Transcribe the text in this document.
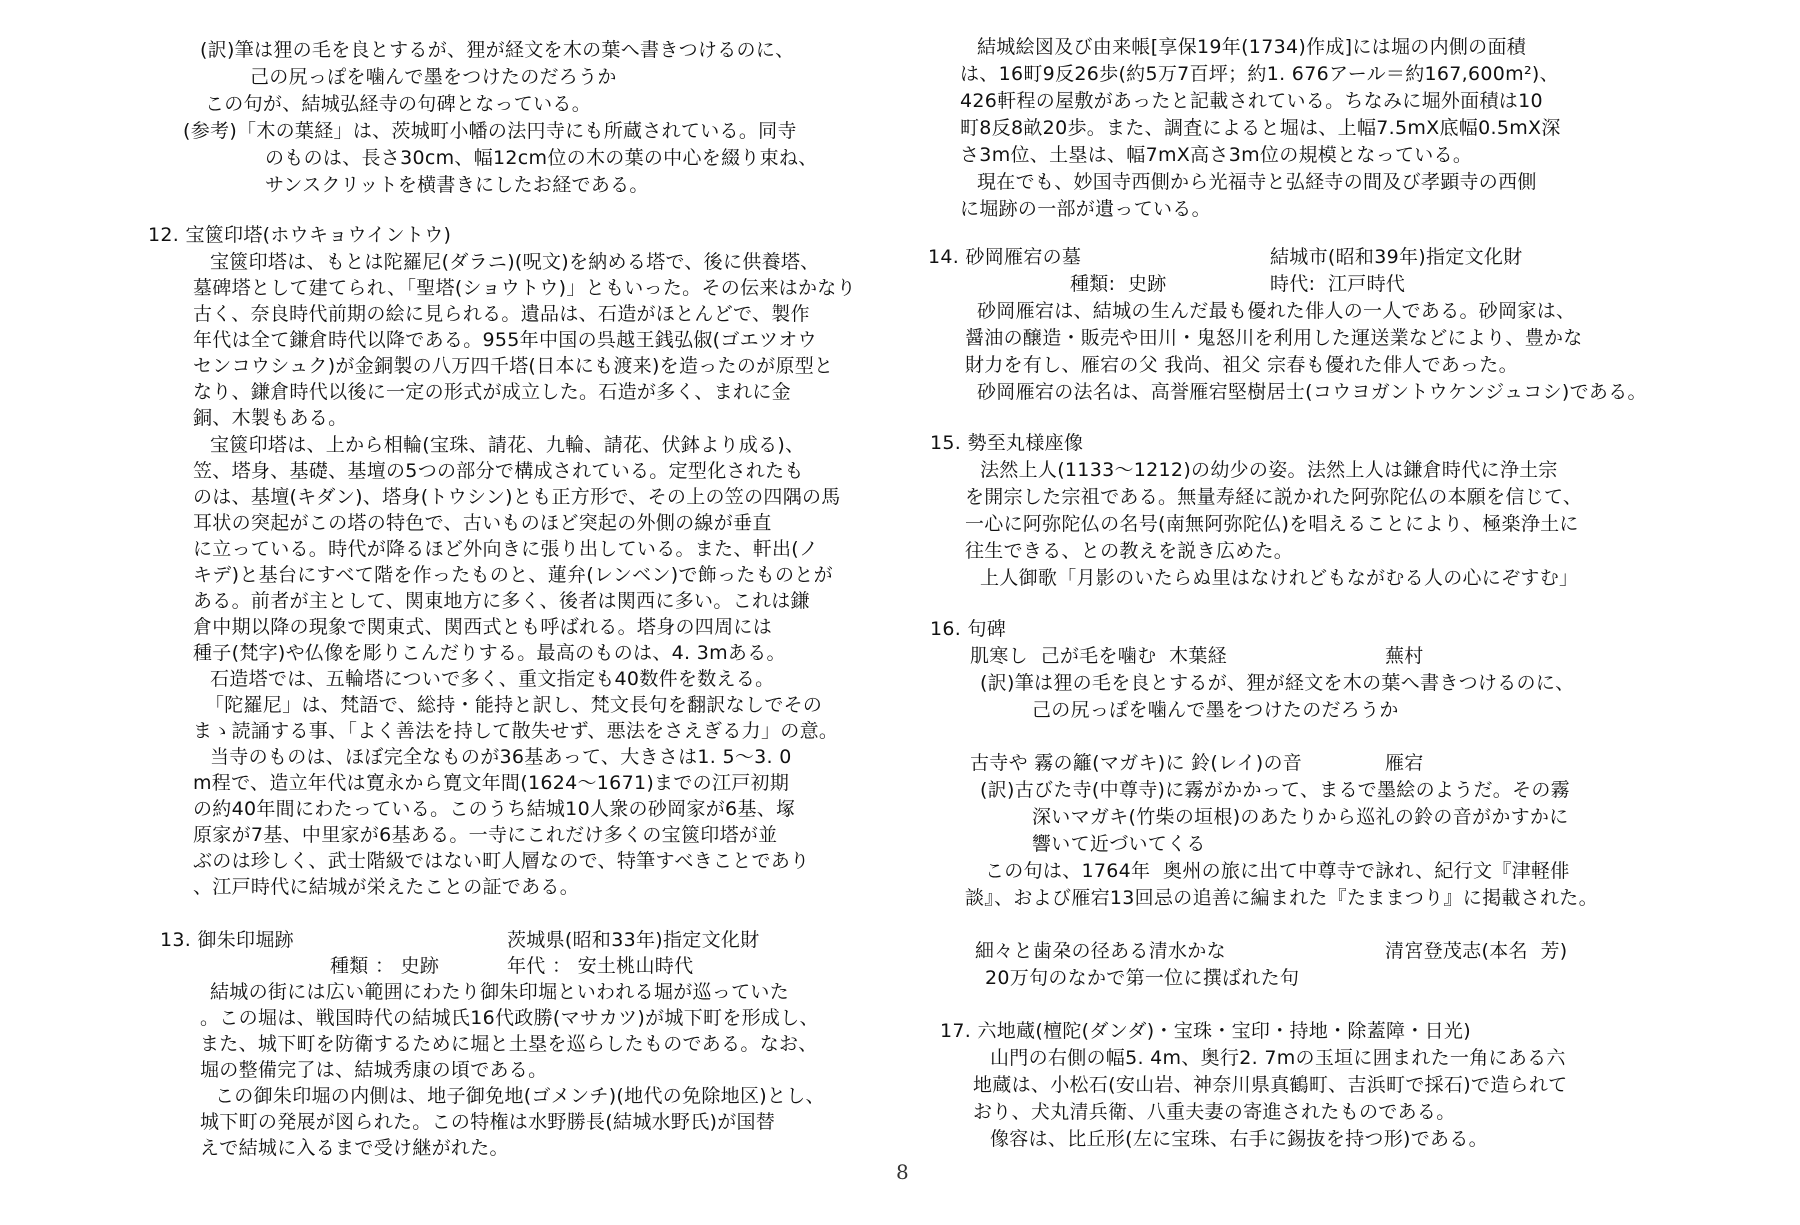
(訳)筆は狸の毛を良とするが、狸が経文を木の葉へ書きつけるのに、
己の尻っぽを噛んで墨をつけたのだろうか
この句が、結城弘経寺の句碑となっている。
(参考)「木の葉経」は、茨城町小幡の法円寺にも所蔵されている。同寺
のものは、長さ30cm、幅12cm位の木の葉の中心を綴り束ね、
サンスクリットを横書きにしたお経である。
12. 宝篋印塔(ホウキョウイントウ)
宝篋印塔は、もとは陀羅尼(ダラニ)(呪文)を納める塔で、後に供養塔、
墓碑塔として建てられ、「聖塔(ショウトウ)」ともいった。その伝来はかなり
古く、奈良時代前期の絵に見られる。遺品は、石造がほとんどで、製作
年代は全て鎌倉時代以降である。955年中国の呉越王銭弘俶(ゴエツオウ
センコウシュク)が金銅製の八万四千塔(日本にも渡来)を造ったのが原型と
なり、鎌倉時代以後に一定の形式が成立した。石造が多く、まれに金
銅、木製もある。
宝篋印塔は、上から相輪(宝珠、請花、九輪、請花、伏鉢より成る)、
笠、塔身、基礎、基壇の5つの部分で構成されている。定型化されたも
のは、基壇(キダン)、塔身(トウシン)とも正方形で、その上の笠の四隅の馬
耳状の突起がこの塔の特色で、古いものほど突起の外側の線が垂直
に立っている。時代が降るほど外向きに張り出している。また、軒出(ノ
キデ)と基台にすべて階を作ったものと、蓮弁(レンベン)で飾ったものとが
ある。前者が主として、関東地方に多く、後者は関西に多い。これは鎌
倉中期以降の現象で関東式、関西式とも呼ばれる。塔身の四周には
種子(梵字)や仏像を彫りこんだりする。最高のものは、4. 3mある。
石造塔では、五輪塔についで多く、重文指定も40数件を数える。
「陀羅尼」は、梵語で、総持・能持と訳し、梵文長句を翻訳なしでその
まゝ読誦する事、「よく善法を持して散失せず、悪法をさえぎる力」の意。
当寺のものは、ほぼ完全なものが36基あって、大きさは1. 5～3. 0
m程で、造立年代は寛永から寛文年間(1624～1671)までの江戸初期
の約40年間にわたっている。このうち結城10人衆の砂岡家が6基、塚
原家が7基、中里家が6基ある。一寺にこれだけ多くの宝篋印塔が並
ぶのは珍しく、武士階級ではない町人層なので、特筆すべきことであり
、江戸時代に結城が栄えたことの証である。
13. 御朱印堀跡	茨城県(昭和33年)指定文化財
種類 ： 史跡	年代 ： 安土桃山時代
結城の街には広い範囲にわたり御朱印堀といわれる堀が巡っていた
。この堀は、戦国時代の結城氏16代政勝(マサカツ)が城下町を形成し、
また、城下町を防衛するために堀と土塁を巡らしたものである。なお、
堀の整備完了は、結城秀康の頃である。
この御朱印堀の内側は、地子御免地(ゴメンチ)(地代の免除地区)とし、
城下町の発展が図られた。この特権は水野勝長(結城水野氏)が国替
えで結城に入るまで受け継がれた。
結城絵図及び由来帳[享保19年(1734)作成]には堀の内側の面積
は、16町9反26歩(約5万7百坪；約1. 676アール＝約167,600m²)、
426軒程の屋敷があったと記載されている。ちなみに堀外面積は10
町8反8畝20歩。また、調査によると堀は、上幅7.5mX底幅0.5mX深
さ3m位、土塁は、幅7mX高さ3m位の規模となっている。
現在でも、妙国寺西側から光福寺と弘経寺の間及び孝顕寺の西側
に堀跡の一部が遺っている。
14. 砂岡雁宕の墓	結城市(昭和39年)指定文化財
種類:  史跡	時代:  江戸時代
砂岡雁宕は、結城の生んだ最も優れた俳人の一人である。砂岡家は、
醤油の醸造・販売や田川・鬼怒川を利用した運送業などにより、豊かな
財力を有し、雁宕の父 我尚、祖父 宗春も優れた俳人であった。
砂岡雁宕の法名は、高誉雁宕堅樹居士(コウヨガントウケンジュコシ)である。
15. 勢至丸様座像
法然上人(1133～1212)の幼少の姿。法然上人は鎌倉時代に浄土宗
を開宗した宗祖である。無量寿経に説かれた阿弥陀仏の本願を信じて、
一心に阿弥陀仏の名号(南無阿弥陀仏)を唱えることにより、極楽浄土に
往生できる、との教えを説き広めた。
上人御歌「月影のいたらぬ里はなけれどもながむる人の心にぞすむ」
16. 句碑
肌寒し  己が毛を噛む  木葉経	蕪村
(訳)筆は狸の毛を良とするが、狸が経文を木の葉へ書きつけるのに、
己の尻っぽを噛んで墨をつけたのだろうか
古寺や 霧の籬(マガキ)に 鈴(レイ)の音	雁宕
(訳)古びた寺(中尊寺)に霧がかかって、まるで墨絵のようだ。その霧
深いマガキ(竹柴の垣根)のあたりから巡礼の鈴の音がかすかに
響いて近づいてくる
この句は、1764年  奥州の旅に出て中尊寺で詠れ、紀行文『津軽俳
談』、および雁宕13回忌の追善に編まれた『たままつり』に掲載された。
細々と歯朶の径ある清水かな	清宮登茂志(本名  芳)
20万句のなかで第一位に撰ばれた句
17. 六地蔵(檀陀(ダンダ)・宝珠・宝印・持地・除蓋障・日光)
山門の右側の幅5. 4m、奥行2. 7mの玉垣に囲まれた一角にある六
地蔵は、小松石(安山岩、神奈川県真鶴町、吉浜町で採石)で造られて
おり、犬丸清兵衛、八重夫妻の寄進されたものである。
像容は、比丘形(左に宝珠、右手に錫抜を持つ形)である。
8
